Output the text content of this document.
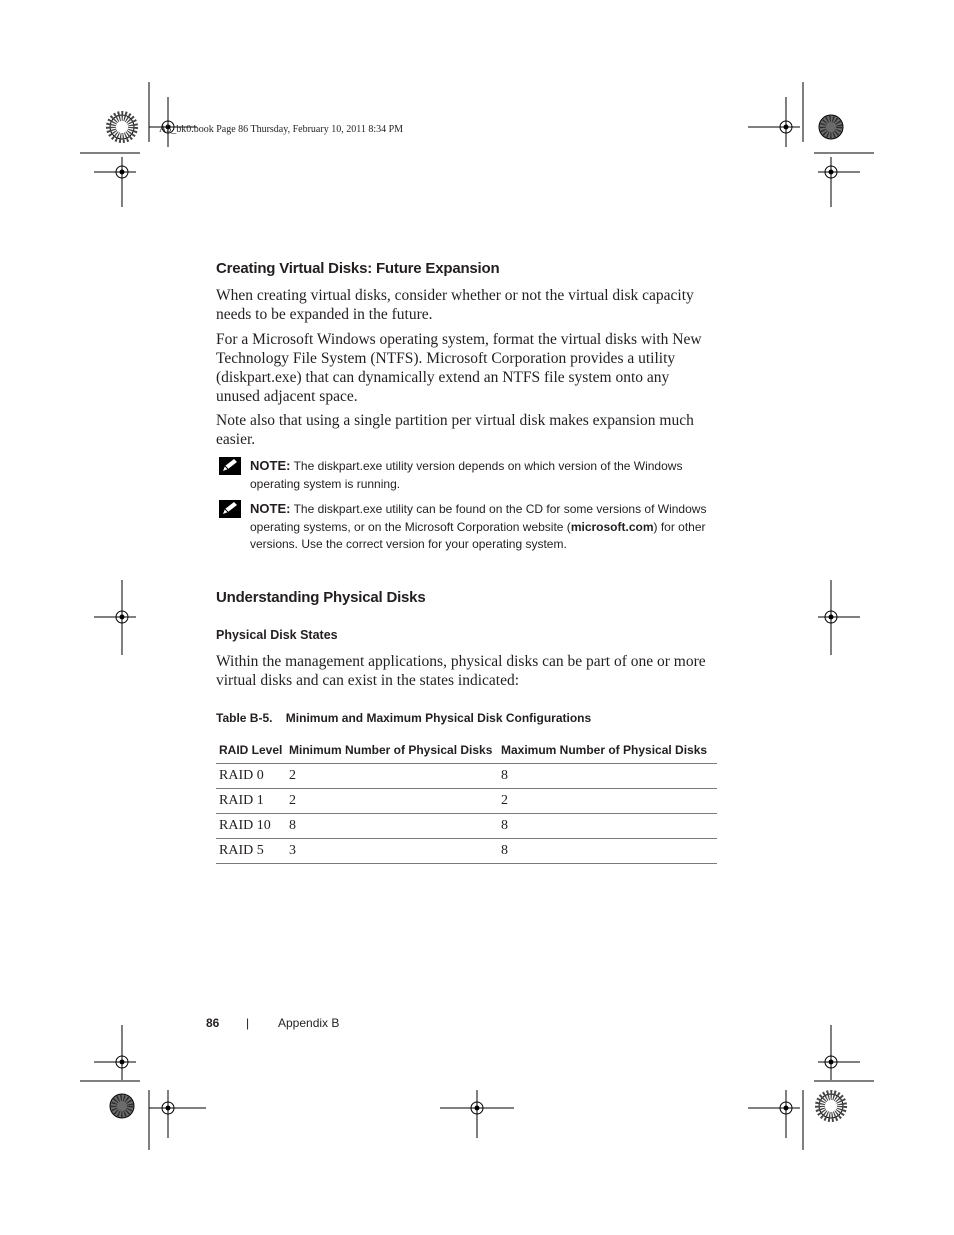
A5_bk0.book Page 86 Thursday, February 10, 2011 8:34 PM
Creating Virtual Disks: Future Expansion
When creating virtual disks, consider whether or not the virtual disk capacity needs to be expanded in the future.
For a Microsoft Windows operating system, format the virtual disks with New Technology File System (NTFS). Microsoft Corporation provides a utility (diskpart.exe) that can dynamically extend an NTFS file system onto any unused adjacent space.
Note also that using a single partition per virtual disk makes expansion much easier.
NOTE: The diskpart.exe utility version depends on which version of the Windows operating system is running.
NOTE: The diskpart.exe utility can be found on the CD for some versions of Windows operating systems, or on the Microsoft Corporation website (microsoft.com) for other versions. Use the correct version for your operating system.
Understanding Physical Disks
Physical Disk States
Within the management applications, physical disks can be part of one or more virtual disks and can exist in the states indicated:
Table B-5.    Minimum and Maximum Physical Disk Configurations
RAID Level	Minimum Number of Physical Disks	Maximum Number of Physical Disks
RAID 0	2	8
RAID 1	2	2
RAID 10	8	8
RAID 5	3	8
86 | Appendix B
